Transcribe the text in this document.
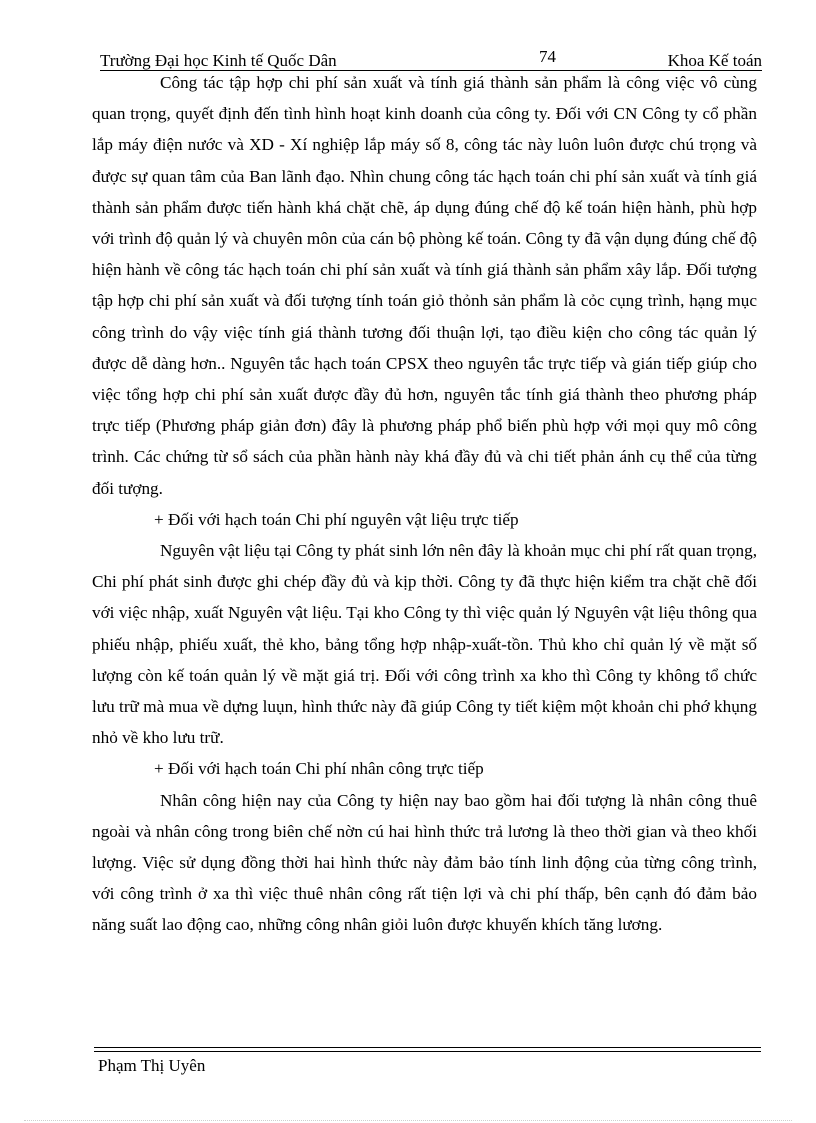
Trường Đại học Kinh tế Quốc Dân	74	Khoa Kế toán

Công tác tập hợp chi phí sản xuất và tính giá thành sản phẩm là công việc vô cùng quan trọng, quyết định đến tình hình hoạt kinh doanh của công ty. Đối với CN Công ty cổ phần lắp máy điện nước và XD - Xí nghiệp lắp máy số 8, công tác này luôn luôn được chú trọng và được sự quan tâm của Ban lãnh đạo. Nhìn chung công tác hạch toán chi phí sản xuất và tính giá thành sản phẩm được tiến hành khá chặt chẽ, áp dụng đúng chế độ kế toán hiện hành, phù hợp với trình độ quản lý và chuyên môn của cán bộ phòng kế toán. Công ty đã vận dụng đúng chế độ hiện hành về công tác hạch toán chi phí sản xuất và tính giá thành sản phẩm xây lắp. Đối tượng tập hợp chi phí sản xuất và đối tượng tính toán giỏ thỏnh sản phẩm là cỏc cụng trình, hạng mục công trình do vậy việc tính giá thành tương đối thuận lợi, tạo điều kiện cho công tác quản lý được dễ dàng hơn.. Nguyên tắc hạch toán CPSX theo nguyên tắc trực tiếp và gián tiếp giúp cho việc tổng hợp chi phí sản xuất được đầy đủ hơn, nguyên tắc tính giá thành theo phương pháp trực tiếp (Phương pháp giản đơn) đây là phương pháp phổ biến phù hợp với mọi quy mô công trình. Các chứng từ sổ sách của phần hành này khá đầy đủ và chi tiết phản ánh cụ thể của từng đối tượng.

+ Đối với hạch toán Chi phí nguyên vật liệu trực tiếp

Nguyên vật liệu tại Công ty phát sinh lớn nên đây là khoản mục chi phí rất quan trọng, Chi phí phát sinh được ghi chép đầy đủ và kịp thời. Công ty đã thực hiện kiểm tra chặt chẽ đối với việc nhập, xuất Nguyên vật liệu. Tại kho Công ty thì việc quản lý Nguyên vật liệu thông qua phiếu nhập, phiếu xuất, thẻ kho, bảng tổng hợp nhập-xuất-tồn. Thủ kho chỉ quản lý về mặt số lượng còn kế toán quản lý về mặt giá trị. Đối với công trình xa kho thì Công ty không tổ chức lưu trữ mà mua về dựng luụn, hình thức này đã giúp Công ty tiết kiệm một khoản chi phớ khụng nhỏ về kho lưu trữ.

+ Đối với hạch toán Chi phí nhân công trực tiếp

Nhân công hiện nay của Công ty hiện nay bao gồm hai đối tượng là nhân công thuê ngoài và nhân công trong biên chế nờn cú hai hình thức trả lương là theo thời gian và theo khối lượng. Việc sử dụng đồng thời hai hình thức này đảm bảo tính linh động của từng công trình, với công trình ở xa thì việc thuê nhân công rất tiện lợi và chi phí thấp, bên cạnh đó đảm bảo năng suất lao động cao, những công nhân giỏi luôn được khuyến khích tăng lương.

Phạm Thị Uyên
